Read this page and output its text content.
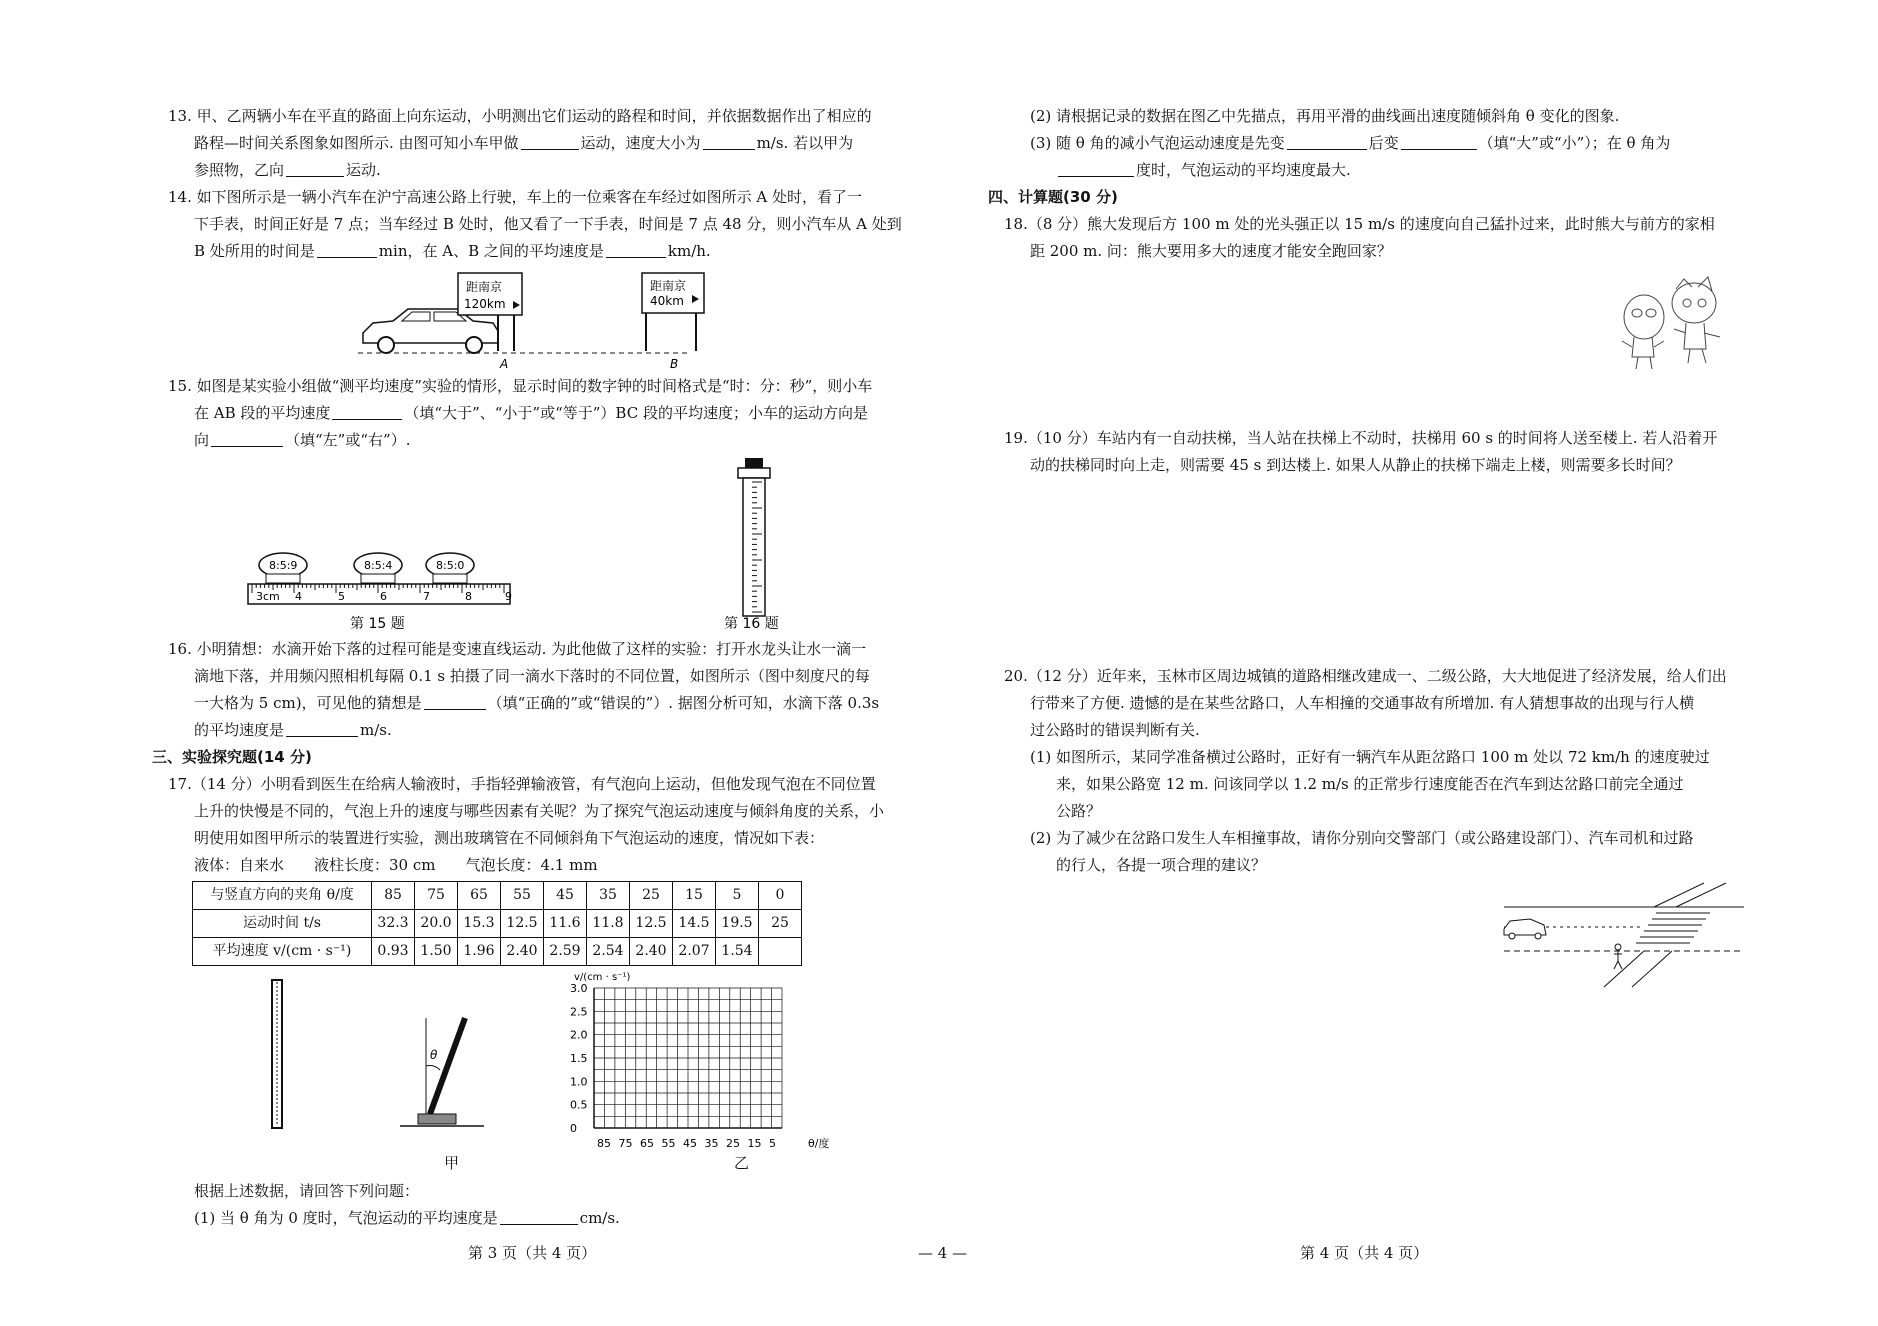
13. 甲、乙两辆小车在平直的路面上向东运动，小明测出它们运动的路程和时间，并依据数据作出了相应的

路程—时间关系图象如图所示. 由图可知小车甲做	运动，速度大小为	m/s. 若以甲为

参照物，乙向	运动.

14. 如下图所示是一辆小汽车在沪宁高速公路上行驶，车上的一位乘客在车经过如图所示 A 处时，看了一

下手表，时间正好是 7 点；当车经过 B 处时，他又看了一下手表，时间是 7 点 48 分，则小汽车从 A 处到

B 处所用的时间是	min，在 A、B 之间的平均速度是	km/h.

距南京
120km
距南京
40km
A	B

15. 如图是某实验小组做“测平均速度”实验的情形，显示时间的数字钟的时间格式是“时：分：秒”，则小车

在 AB 段的平均速度	（填“大于”、“小于”或“等于”）BC 段的平均速度；小车的运动方向是

向	（填“左”或“右”）.

8:5:9	8:5:4	8:5:0
3cm 4	5	6	7	8	9
第 15 题	第 16 题

16. 小明猜想：水滴开始下落的过程可能是变速直线运动. 为此他做了这样的实验：打开水龙头让水一滴一

滴地下落，并用频闪照相机每隔 0.1 s 拍摄了同一滴水下落时的不同位置，如图所示（图中刻度尺的每

一大格为 5 cm)，可见他的猜想是	（填“正确的”或“错误的”）. 据图分析可知，水滴下落 0.3s

的平均速度是	m/s.

三、实验探究题(14 分)

17.（14 分）小明看到医生在给病人输液时，手指轻弹输液管，有气泡向上运动，但他发现气泡在不同位置

上升的快慢是不同的，气泡上升的速度与哪些因素有关呢？为了探究气泡运动速度与倾斜角度的关系，小

明使用如图甲所示的装置进行实验，测出玻璃管在不同倾斜角下气泡运动的速度，情况如下表：

液体：自来水　　液柱长度：30 cm　　气泡长度：4.1 mm

与竖直方向的夹角 θ/度	85	75	65	55	45	35	25	15	5	0
运动时间 t/s	32.3	20.0	15.3	12.5	11.6	11.8	12.5	14.5	19.5	25
平均速度 v/(cm · s⁻¹)	0.93	1.50	1.96	2.40	2.59	2.54	2.40	2.07	1.54	
θ
v/(cm · s⁻¹)
3.0
2.5
2.0
1.5
1.0
0.5
0
85 75 65 55 45 35 25 15 5	θ/度
甲	乙

根据上述数据，请回答下列问题：

(1) 当 θ 角为 0 度时，气泡运动的平均速度是	cm/s.

第 3 页（共 4 页）	— 4 —	第 4 页（共 4 页）

(2) 请根据记录的数据在图乙中先描点，再用平滑的曲线画出速度随倾斜角 θ 变化的图象.

(3) 随 θ 角的减小气泡运动速度是先变	后变	（填“大”或“小”）；在 θ 角为

度时，气泡运动的平均速度最大.

四、计算题(30 分)

18.（8 分）熊大发现后方 100 m 处的光头强正以 15 m/s 的速度向自己猛扑过来，此时熊大与前方的家相

距 200 m. 问：熊大要用多大的速度才能安全跑回家？

19.（10 分）车站内有一自动扶梯，当人站在扶梯上不动时，扶梯用 60 s 的时间将人送至楼上. 若人沿着开

动的扶梯同时向上走，则需要 45 s 到达楼上. 如果人从静止的扶梯下端走上楼，则需要多长时间？

20.（12 分）近年来，玉林市区周边城镇的道路相继改建成一、二级公路，大大地促进了经济发展，给人们出

行带来了方便. 遗憾的是在某些岔路口，人车相撞的交通事故有所增加. 有人猜想事故的出现与行人横

过公路时的错误判断有关.

(1) 如图所示，某同学准备横过公路时，正好有一辆汽车从距岔路口 100 m 处以 72 km/h 的速度驶过

来，如果公路宽 12 m. 问该同学以 1.2 m/s 的正常步行速度能否在汽车到达岔路口前完全通过

公路？

(2) 为了减少在岔路口发生人车相撞事故，请你分别向交警部门（或公路建设部门）、汽车司机和过路

的行人，各提一项合理的建议？
